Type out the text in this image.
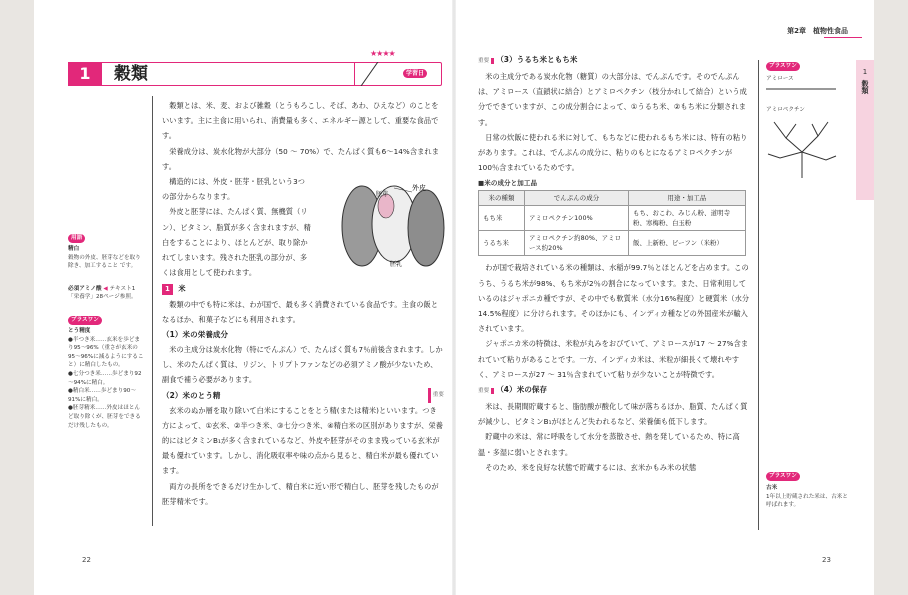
1	穀類
★★★★
学習日
用語
精白
穀物の外皮、胚芽などを取り除き、加工すること です。
必須アミノ酸 ◀ テキスト1「栄養学」28ページ参照。
プラスワン
とう精度
●半つき米……玄米を歩どまり95～96%（重さが玄米の95～96%に減るようにすること）に精白したもの。
●七分つき米……歩どまり92～94%に精白。
●精白米……歩どまり90～91%に精白。
●胚芽精米……外皮はほとんど取り除くが、胚芽をできるだけ残したもの。

穀類とは、米、麦、および雑穀（とうもろこし、そば、あわ、ひえなど）のことをいいます。主に主食に用いられ、消費量も多く、エネルギー源として、重要な食品です。

栄養成分は、炭水化物が大部分（50 ～ 70%）で、たんぱく質も6～14%含まれます。

構造的には、外皮・胚芽・胚乳という3つの部分からなります。

外皮と胚芽には、たんぱく質、無機質（リン）、ビタミン、脂質が多く含まれますが、精白をすることにより、ほとんどが、取り除かれてしまいます。残された胚乳の部分が、多くは食用として使われます。

1 米

穀類の中でも特に米は、わが国で、最も多く消費されている食品です。主食の飯となるほか、和菓子などにも利用されます。

（1）米の栄養成分

米の主成分は炭水化物（特にでんぷん）で、たんぱく質も7％前後含まれます。しかし、米のたんぱく質は、リジン、トリプトファンなどの必須アミノ酸が少ないため、副食で補う必要があります。

（2）米のとう精	重要

玄米のぬか層を取り除いて白米にすることをとう精(または精米)といいます。つき方によって、①玄米、②半つき米、③七分つき米、④精白米の区別がありますが、栄養的にはビタミンB₁が多く含まれているなど、外皮や胚芽がそのまま残っている玄米が最も優れています。しかし、消化吸収率や味の点から見ると、精白米が最も優れています。

両方の長所をできるだけ生かして、精白米に近い形で精白し、胚芽を残したものが胚芽精米です。

外皮
胚芽
胚乳
22
第2章　植物性食品
1
穀類
重要 （3）うるち米ともち米

米の主成分である炭水化物（糖質）の大部分は、でんぷんです。そのでんぷんは、アミロース（直鎖状に結合）とアミロペクチン（枝分かれして結合）という成分でできていますが、この成分割合によって、①うるち米、②もち米に分類されます。

日常の炊飯に使われる米に対して、もちなどに使われるもち米には、特有の粘りがあります。これは、でんぷんの成分に、粘りのもとになるアミロペクチンが100％含まれているためです。

■米の成分と加工品
米の種類	でんぷんの成分	用途・加工品
もち米	アミロペクチン100%	もち、おこわ、みじん粉、道明寺粉、寒梅粉、白玉粉
うるち米	アミロペクチン約80%、アミロース約20%	飯、上新粉、ビーフン（米粉）

わが国で栽培されている米の種類は、水稲が99.7％とほとんどを占めます。このうち、うるち米が98%、もち米が2％の割合になっています。また、日常利用しているのはジャポニカ種ですが、その中でも軟質米（水分16%程度）と硬質米（水分14.5%程度）に分けられます。そのほかにも、インディカ種などの外国産米が輸入されています。

ジャポニカ米の特徴は、米粒が丸みをおびていて、アミロースが17 ～ 27%含まれていて粘りがあることです。一方、インディカ米は、米粒が細長くて壊れやすく、アミロースが27 ～ 31％含まれていて粘りが少ないことが特徴です。

重要 （4）米の保存

米は、長期間貯蔵すると、脂肪酸が酸化して味が落ちるほか、脂質、たんぱく質が減少し、ビタミンB₁がほとんど失われるなど、栄養価も低下します。

貯蔵中の米は、常に呼吸をして水分を蒸散させ、熱を発しているため、特に高温・多湿に弱いとされます。

そのため、米を良好な状態で貯蔵するには、玄米かもみ米の状態

プラスワン
アミロース
アミロペクチン
プラスワン
古米
1年以上貯蔵された米は、古米と呼ばれます。
23
